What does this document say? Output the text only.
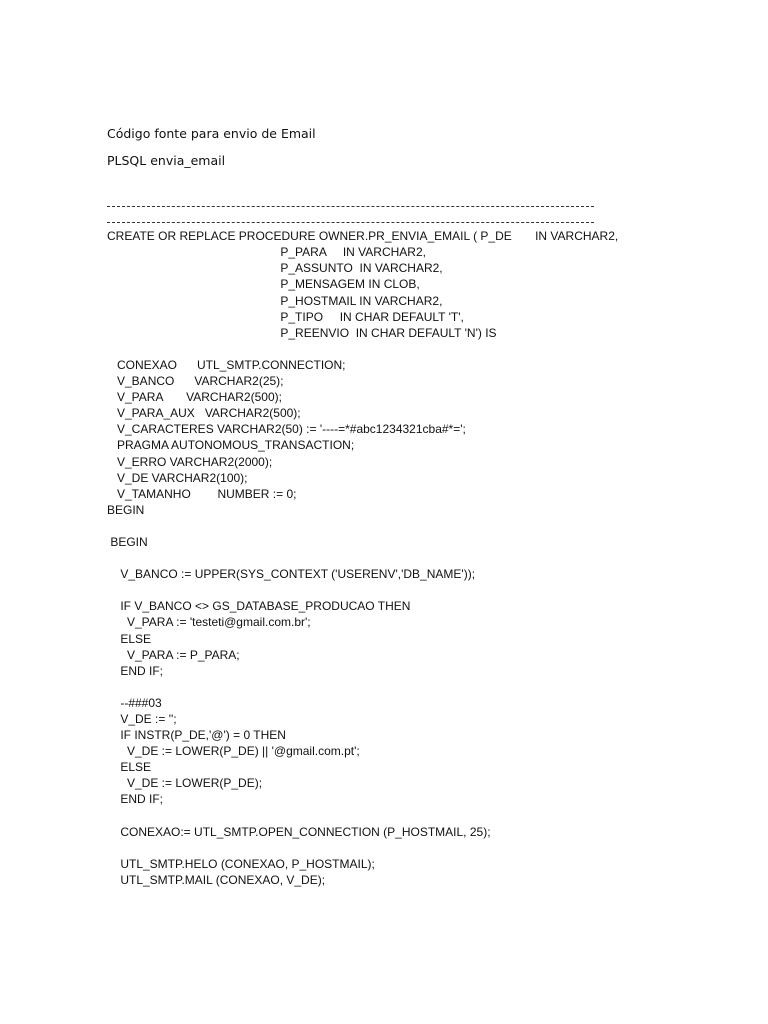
Código fonte para envio de Email
PLSQL envia_email
CREATE OR REPLACE PROCEDURE OWNER.PR_ENVIA_EMAIL ( P_DE       IN VARCHAR2,
P_PARA     IN VARCHAR2,
P_ASSUNTO  IN VARCHAR2,
P_MENSAGEM IN CLOB,
P_HOSTMAIL IN VARCHAR2,
P_TIPO     IN CHAR DEFAULT 'T',
P_REENVIO  IN CHAR DEFAULT 'N') IS
CONEXAO      UTL_SMTP.CONNECTION;
V_BANCO      VARCHAR2(25);
V_PARA       VARCHAR2(500);
V_PARA_AUX   VARCHAR2(500);
V_CARACTERES VARCHAR2(50) := '----=*#abc1234321cba#*=';
PRAGMA AUTONOMOUS_TRANSACTION;
V_ERRO VARCHAR2(2000);
V_DE VARCHAR2(100);
V_TAMANHO        NUMBER := 0;
BEGIN
BEGIN
V_BANCO := UPPER(SYS_CONTEXT ('USERENV','DB_NAME'));
IF V_BANCO <> GS_DATABASE_PRODUCAO THEN
V_PARA := 'testeti@gmail.com.br';
ELSE
V_PARA := P_PARA;
END IF;
--###03
V_DE := '';
IF INSTR(P_DE,'@') = 0 THEN
V_DE := LOWER(P_DE) || '@gmail.com.pt';
ELSE
V_DE := LOWER(P_DE);
END IF;
CONEXAO:= UTL_SMTP.OPEN_CONNECTION (P_HOSTMAIL, 25);
UTL_SMTP.HELO (CONEXAO, P_HOSTMAIL);
UTL_SMTP.MAIL (CONEXAO, V_DE);
